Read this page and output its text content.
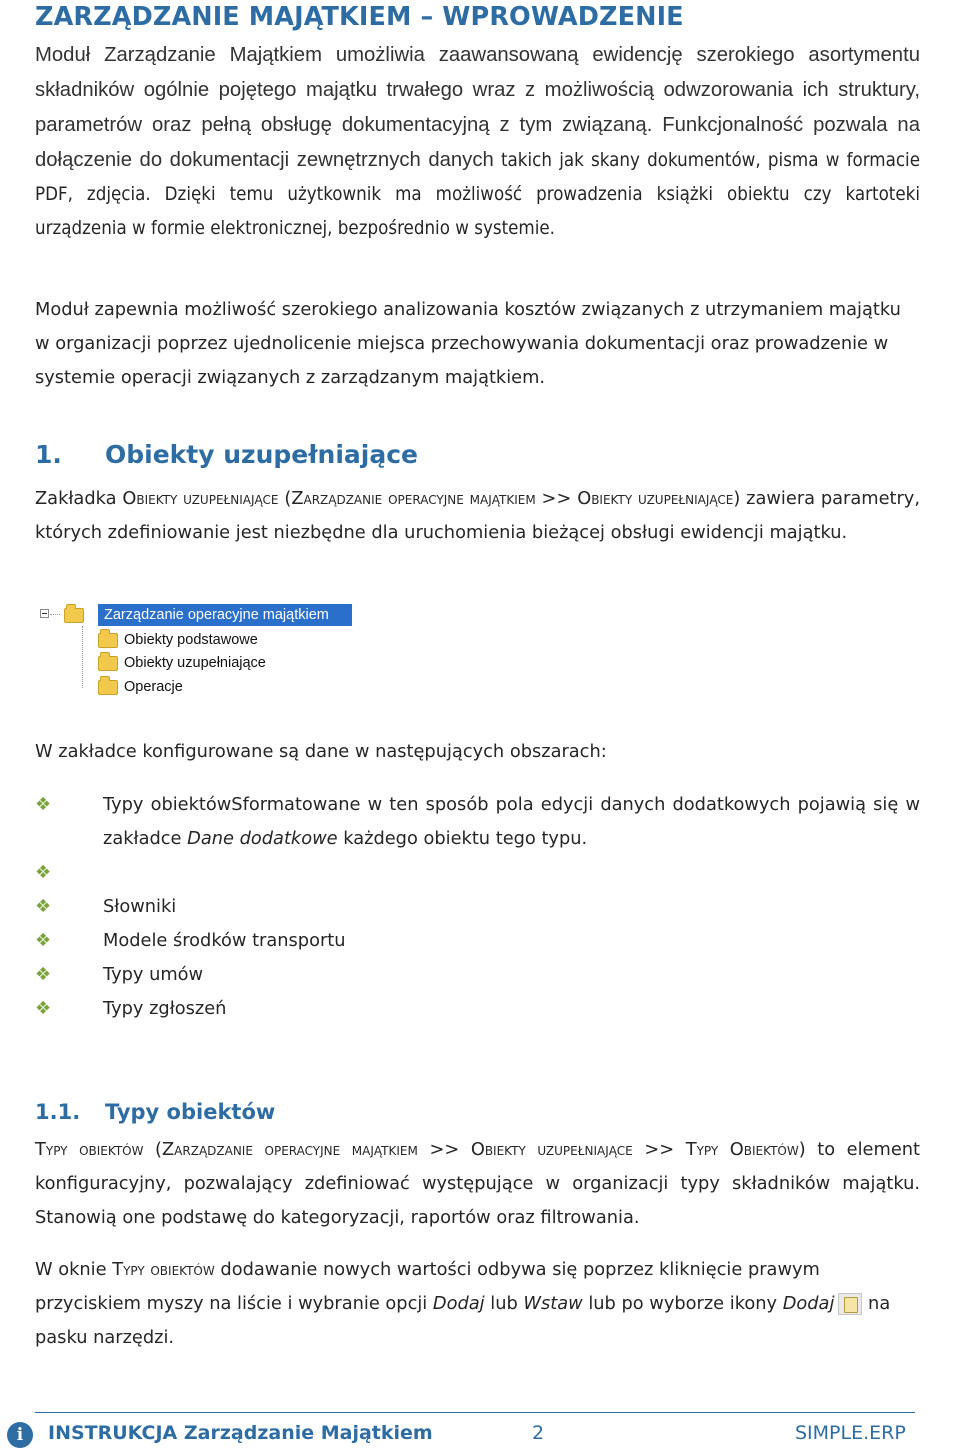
ZARZĄDZANIE MAJĄTKIEM – WPROWADZENIE

Moduł Zarządzanie Majątkiem umożliwia zaawansowaną ewidencję szerokiego asortymentu składników ogólnie pojętego majątku trwałego wraz z możliwością odwzorowania ich struktury, parametrów oraz pełną obsługę dokumentacyjną z tym związaną. Funkcjonalność pozwala na dołączenie do dokumentacji zewnętrznych danych takich jak skany dokumentów, pisma w formacie PDF, zdjęcia. Dzięki temu użytkownik ma możliwość prowadzenia książki obiektu czy kartoteki urządzenia w formie elektronicznej, bezpośrednio w systemie.

Moduł zapewnia możliwość szerokiego analizowania kosztów związanych z utrzymaniem majątku w organizacji poprzez ujednolicenie miejsca przechowywania dokumentacji oraz prowadzenie w systemie operacji związanych z zarządzanym majątkiem.

1. Obiekty uzupełniające

Zakładka Obiekty uzupełniające (Zarządzanie operacyjne majątkiem >> Obiekty uzupełniające) zawiera parametry, których zdefiniowanie jest niezbędne dla uruchomienia bieżącej obsługi ewidencji majątku.

Zarządzanie operacyjne majątkiem
Obiekty podstawowe
Obiekty uzupełniające
Operacje

W zakładce konfigurowane są dane w następujących obszarach:

❖	Typy obiektówSformatowane w ten sposób pola edycji danych dodatkowych pojawią się w zakładce Dane dodatkowe każdego obiektu tego typu.

❖
❖	Słowniki
❖	Modele środków transportu
❖	Typy umów
❖	Typy zgłoszeń
1.1. Typy obiektów

Typy obiektów (Zarządzanie operacyjne majątkiem >> Obiekty uzupełniające >> Typy Obiektów) to element konfiguracyjny, pozwalający zdefiniować występujące w organizacji typy składników majątku. Stanowią one podstawę do kategoryzacji, raportów oraz filtrowania.

W oknie Typy obiektów dodawanie nowych wartości odbywa się poprzez kliknięcie prawym przyciskiem myszy na liście i wybranie opcji Dodaj lub Wstaw lub po wyborze ikony Dodaj na pasku narzędzi.

i	INSTRUKCJA Zarządzanie Majątkiem	2	SIMPLE.ERP
